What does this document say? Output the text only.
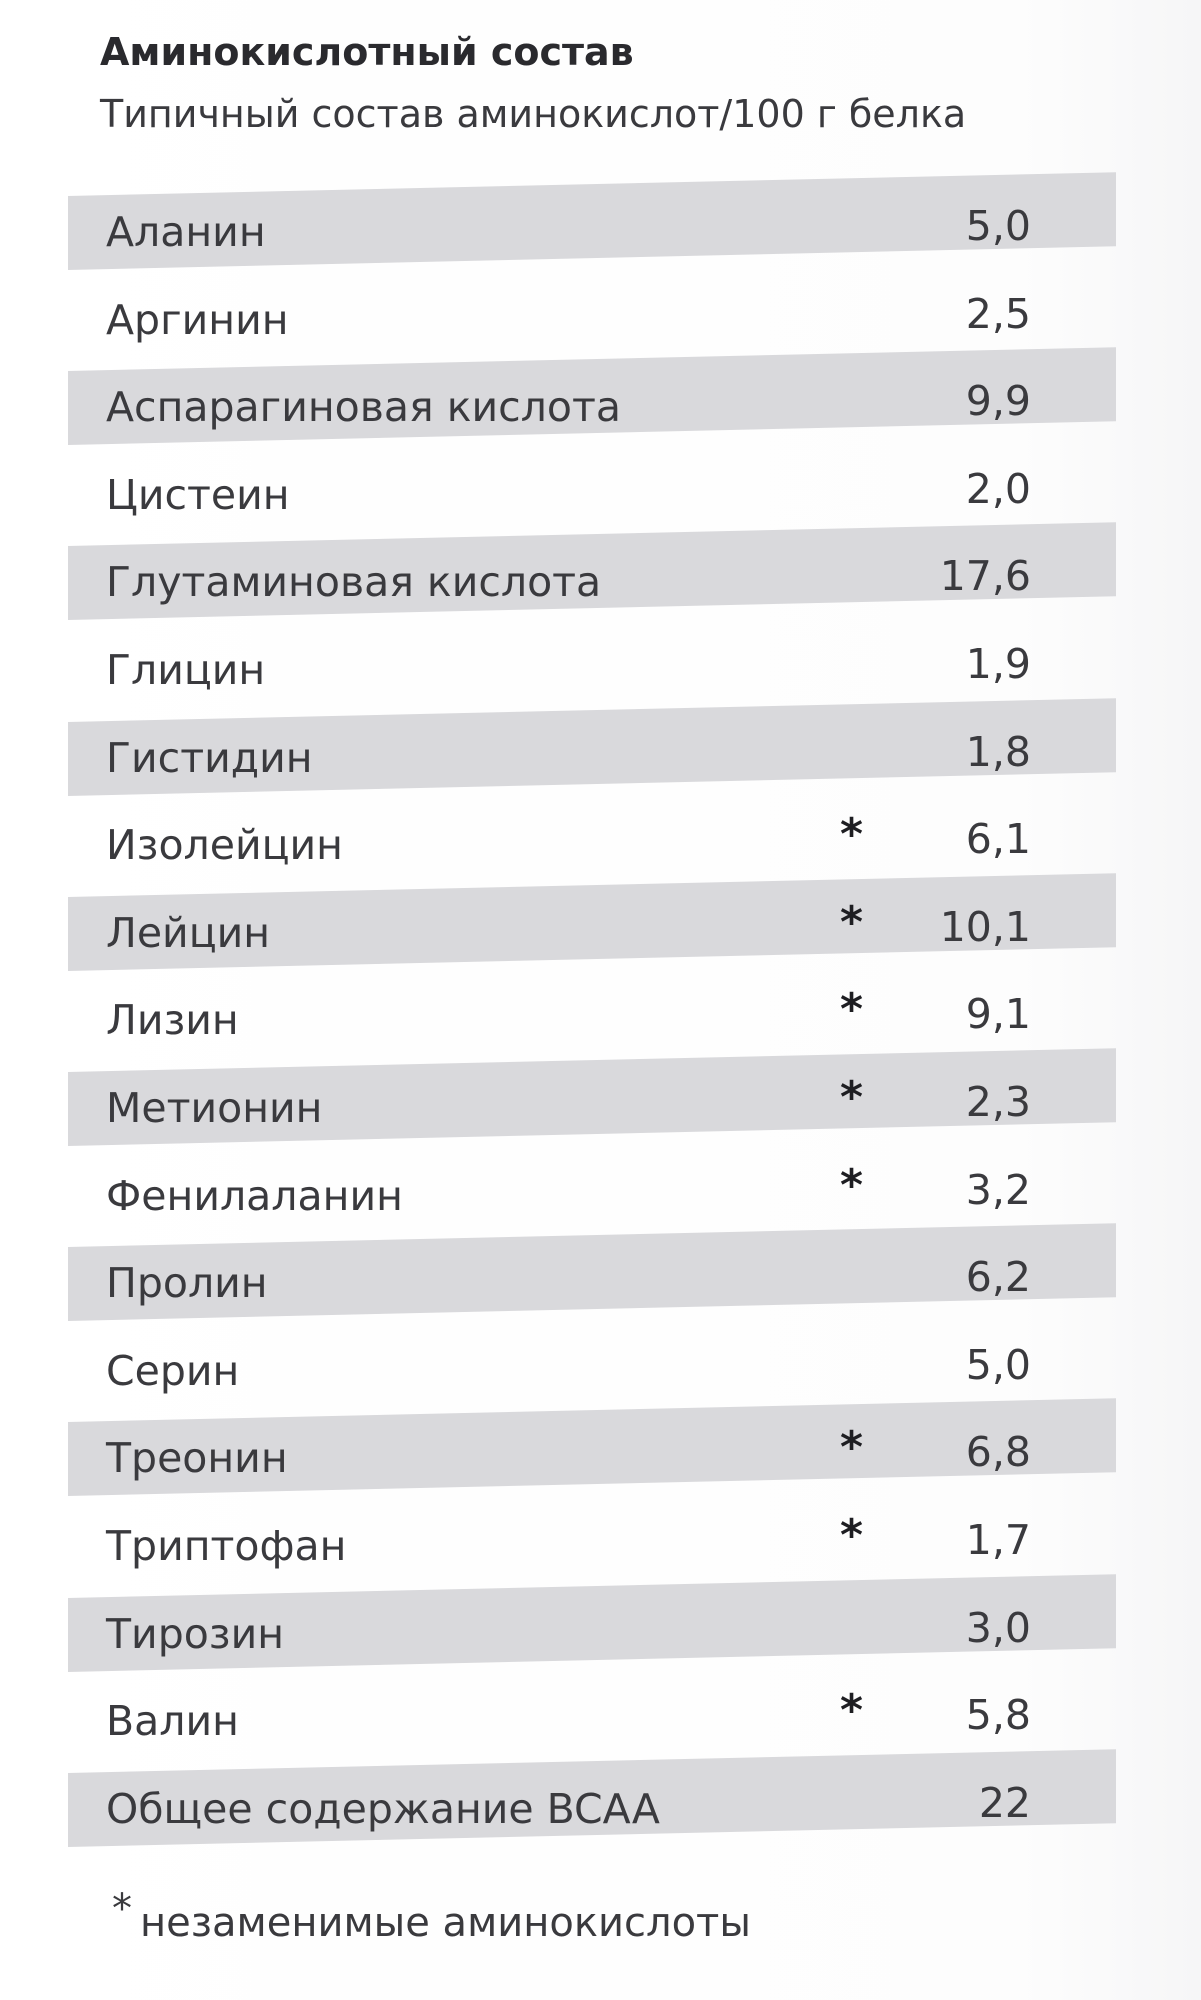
Аминокислотный состав
Типичный состав аминокислот/100 г белка
Аланин	5,0
Аргинин	2,5
Аспарагиновая кислота	9,9
Цистеин	2,0
Глутаминовая кислота	17,6
Глицин	1,9
Гистидин	1,8
Изолейцин	*	6,1
Лейцин	* 10,1
Лизин	*	9,1
Метионин	*	2,3
Фенилаланин	*	3,2
Пролин	6,2
Серин	5,0
Треонин	*	6,8
Триптофан	*	1,7
Тирозин	3,0
Валин	*	5,8
Общее содержание BCAA	22
* незаменимые аминокислоты
